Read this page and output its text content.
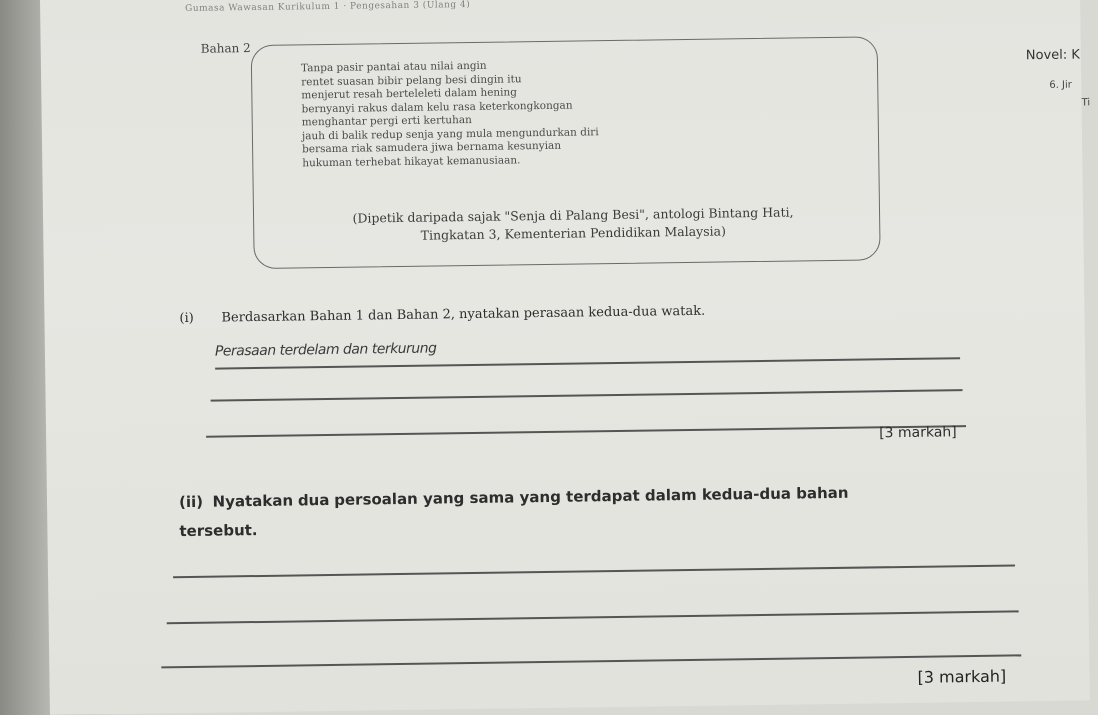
Gumasa Wawasan Kurikulum 1 · Pengesahan 3 (Ulang 4)
Bahan 2
Tanpa pasir pantai atau nilai angin
rentet suasan bibir pelang besi dingin itu
menjerut resah berteleleti dalam hening
bernyanyi rakus dalam kelu rasa keterkongkongan
menghantar pergi erti kertuhan
jauh di balik redup senja yang mula mengundurkan diri
bersama riak samudera jiwa bernama kesunyian
hukuman terhebat hikayat kemanusiaan.
(Dipetik daripada sajak "Senja di Palang Besi", antologi Bintang Hati,
Tingkatan 3, Kementerian Pendidikan Malaysia)
Novel: K
6. Jir
Ti
(i) Berdasarkan Bahan 1 dan Bahan 2, nyatakan perasaan kedua-dua watak.
Perasaan terdelam dan terkurung
[3 markah]
(ii) Nyatakan dua persoalan yang sama yang terdapat dalam kedua-dua bahan
tersebut.
[3 markah]
